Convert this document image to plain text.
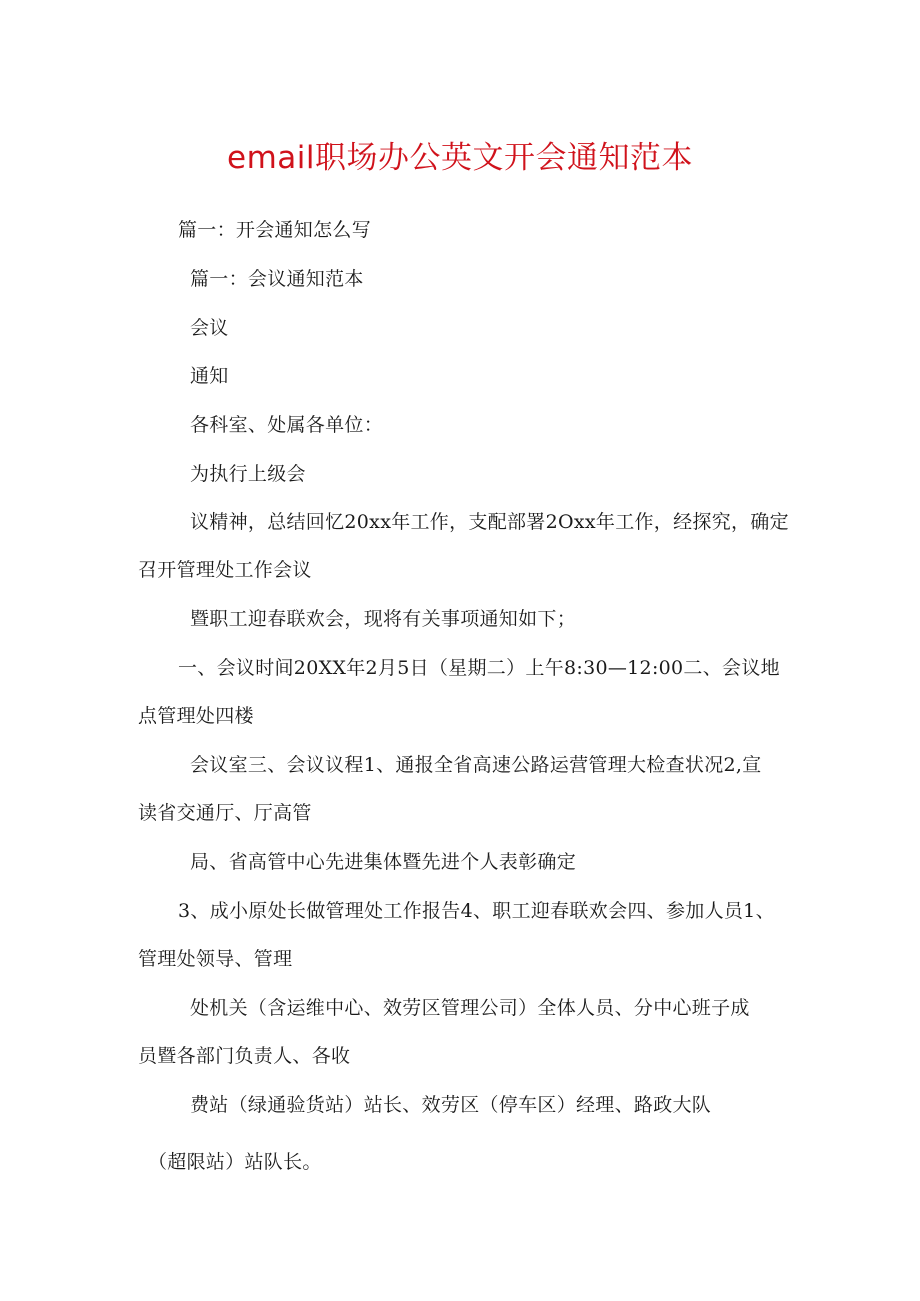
email职场办公英文开会通知范本
篇一：开会通知怎么写
篇一：会议通知范本
会议
通知
各科室、处属各单位：
为执行上级会
议精神，总结回忆20xx年工作，支配部署2Oxx年工作，经探究，确定
召开管理处工作会议
暨职工迎春联欢会，现将有关事项通知如下；
一、会议时间20XX年2月5日（星期二）上午8:30—12:00二、会议地
点管理处四楼
会议室三、会议议程1、通报全省高速公路运营管理大检查状况2,宣
读省交通厅、厅高管
局、省高管中心先进集体暨先进个人表彰确定
3、成小原处长做管理处工作报告4、职工迎春联欢会四、参加人员1、
管理处领导、管理
处机关（含运维中心、效劳区管理公司）全体人员、分中心班子成
员暨各部门负责人、各收
费站（绿通验货站）站长、效劳区（停车区）经理、路政大队
（超限站）站队长。
